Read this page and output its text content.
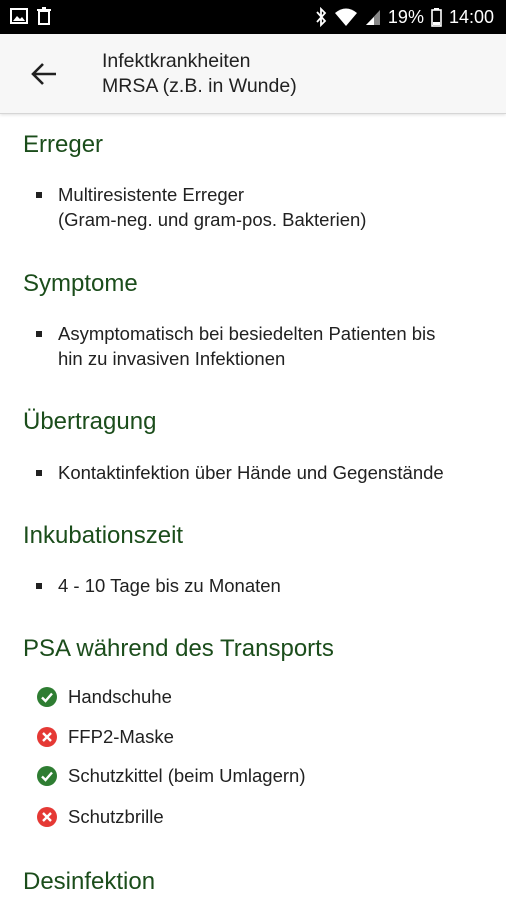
19% 14:00
Infektkrankheiten
MRSA (z.B. in Wunde)
Erreger
Multiresistente Erreger
(Gram-neg. und gram-pos. Bakterien)
Symptome
Asymptomatisch bei besiedelten Patienten bis
hin zu invasiven Infektionen
Übertragung
Kontaktinfektion über Hände und Gegenstände
Inkubationszeit
4 - 10 Tage bis zu Monaten
PSA während des Transports
Handschuhe
FFP2-Maske
Schutzkittel (beim Umlagern)
Schutzbrille
Desinfektion
